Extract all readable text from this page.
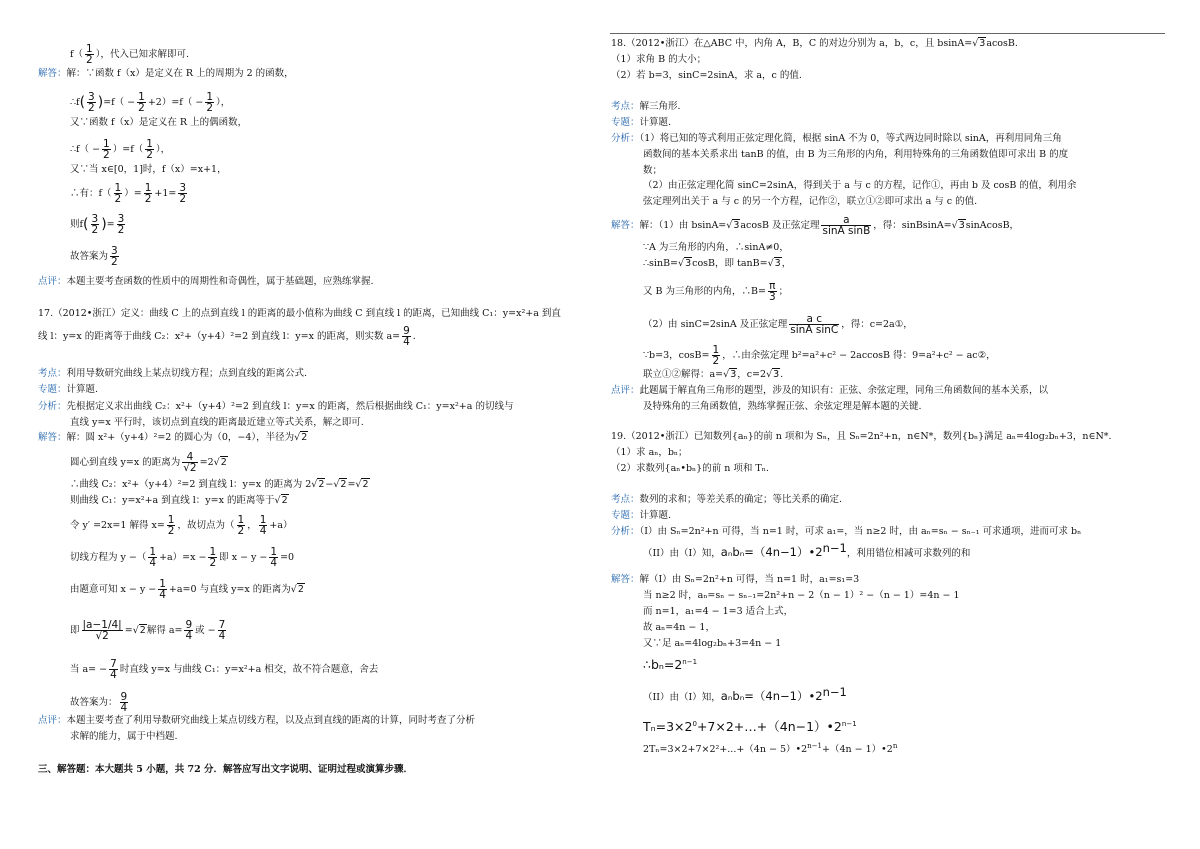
$f( \frac{1}{2}$ ），代入已知求解即可.
解答：解：∵函数 f（x）是定义在 R 上的周期为 2 的函数，
∴f( $\frac{3}{2} )=f( - \frac{1}{2} +2)=f( - \frac{1}{2}$ ），
又∵函数 f（x）是定义在 R 上的偶函数，
∴f（ − $\frac{1}{2} )=f( \frac{1}{2}$ ），
又∵当 x∈[0，1]时，f（x）=x+1，
∴有：$f( \frac{1}{2}$ ）= $\frac{1}{2} +1= \frac{3}{2}$
则$f( \frac{3}{2}$ )= $\frac{3}{2}$
故答案为 $\frac{3}{2}$
点评：本题主要考查函数的性质中的周期性和奇偶性，属于基础题，应熟练掌握.
17.（2012•浙江）定义：曲线 C 上的点到直线 l 的距离的最小值称为曲线 C 到直线 l 的距离，已知曲线 C₁：y=x²+a 到直
线 l：y=x 的距离等于曲线 C₂：x²+（y+4）²=2 到直线 l：y=x 的距离，则实数 $a= \frac{9}{4}$ .
考点：利用导数研究曲线上某点切线方程；点到直线的距离公式.
专题：计算题.
分析：先根据定义求出曲线 C₂：x²+（y+4）²=2 到直线 l：y=x 的距离，然后根据曲线 C₁：y=x²+a 的切线与
直线 y=x 平行时，该切点到直线的距离最近建立等式关系，解之即可.
解答：解：圆 x²+（y+4）²=2 的圆心为（0，−4），半径为√2
圆心到直线 y=x 的距离为 $\frac{4}{√2} =2√2$
∴曲线 C₂：x²+（y+4）²=2 到直线 l：y=x 的距离为 2√2−√2=√2
则曲线 C₁：y=x²+a 到直线 l：y=x 的距离等于√2
令 y′ =2x=1 解得 $x= \frac{1}{2}$ ，故切点为（ $\frac{1}{2}$ ， $\frac{1}{4} +a$）
切线方程为 y −（ $\frac{1}{4} +a)=x - \frac{1}{2}$ 即 $x - y - \frac{1}{4} =0$
由题意可知 $x - y - \frac{1}{4} +a=0$ 与直线 y=x 的距离为√2
即 $\frac{|a-1/4|}{√2} =√2$解得 $a= \frac{9}{4}$ 或 − $\frac{7}{4}$
当 $a= - \frac{7}{4}$ 时直线 y=x 与曲线 C₁：y=x²+a 相交，故不符合题意，舍去
故答案为： $\frac{9}{4}$
点评：本题主要考查了利用导数研究曲线上某点切线方程，以及点到直线的距离的计算，同时考查了分析
求解的能力，属于中档题.
三、解答题：本大题共 5 小题，共 72 分．解答应写出文字说明、证明过程或演算步骤．
18.（2012•浙江）在△ABC 中，内角 A，B，C 的对边分别为 a，b，c，且 bsinA=√3acosB.
（1）求角 B 的大小；
（2）若 b=3，sinC=2sinA，求 a，c 的值.
考点：解三角形.
专题：计算题.
分析：（1）将已知的等式利用正弦定理化简，根据 sinA 不为 0，等式两边同时除以 sinA，再利用同角三角
函数间的基本关系求出 tanB 的值，由 B 为三角形的内角，利用特殊角的三角函数值即可求出 B 的度
数；
（2）由正弦定理化简 sinC=2sinA，得到关于 a 与 c 的方程，记作①，再由 b 及 cosB 的值，利用余
弦定理列出关于 a 与 c 的另一个方程，记作②，联立①②即可求出 a 与 c 的值.
解答：解：（1）由 bsinA=√3acosB 及正弦定理 $\frac{a}{\text{sinA sinB}}$ ，得：sinBsinA=√3sinAcosB，
∵A 为三角形的内角，∴sinA≠0，
∴sinB=√3cosB，即 tanB=√3，
又 B 为三角形的内角，∴B= $\frac{\pi}{3}$ ；
（2）由 sinC=2sinA 及正弦定理 $\frac{\text{a c}}{\text{sinA sinC}}$ ，得：c=2a①，
∵b=3，$\cos B= \frac{1}{2}$ ，∴由余弦定理 b²=a²+c² − 2accosB 得：9=a²+c² − ac②，
联立①②解得：a=√3，c=2√3.
点评：此题属于解直角三角形的题型，涉及的知识有：正弦、余弦定理，同角三角函数间的基本关系，以
及特殊角的三角函数值，熟练掌握正弦、余弦定理是解本题的关键.
19.（2012•浙江）已知数列{aₙ}的前 n 项和为 Sₙ，且 Sₙ=2n²+n，n∈N*，数列{bₙ}满足 aₙ=4log₂bₙ+3，n∈N*.
（1）求 aₙ，bₙ；
（2）求数列{aₙ•bₙ}的前 n 项和 Tₙ.
考点：数列的求和；等差关系的确定；等比关系的确定.
专题：计算题.
分析：（I）由 Sₙ=2n²+n 可得，当 n=1 时，可求 a₁=，当 n≥2 时，由 aₙ=sₙ − sₙ₋₁ 可求通项，进而可求 bₙ
（II）由（I）知，$a_nb_n=(4n-1)•2^{n-1}$，利用错位相减可求数列的和
解答：解（I）由 Sₙ=2n²+n 可得，当 n=1 时，a₁=s₁=3
当 n≥2 时，aₙ=sₙ − sₙ₋₁=2n²+n − 2（n − 1）² −（n − 1）=4n − 1
而 n=1，a₁=4 − 1=3 适合上式，
故 aₙ=4n − 1，
又∵足 aₙ=4log₂bₙ+3=4n − 1
$\therefore b_n=2^{n-1}$
（II）由（I）知，$a_nb_n=(4n-1)•2^{n-1}$
$T_n=3\times 2^0+7\times 2+\dots+(4n-1)•2^{n-1}$
$2T_n=3\times 2+7\times 2^2+...+(4n - 5)•2^{n-1}+(4n$ − $1)•2^n$
